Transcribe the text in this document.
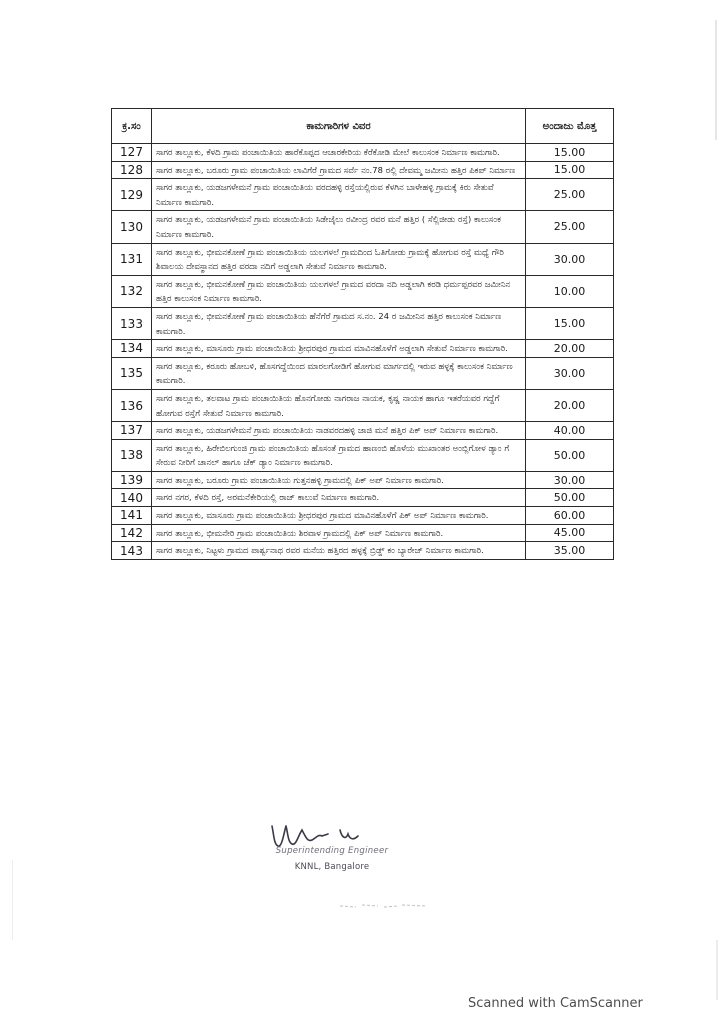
ಕ್ರ.ಸಂ	ಕಾಮಗಾರಿಗಳ ವಿವರ	ಅಂದಾಜು ಮೊತ್ತ
127	ಸಾಗರ ತಾಲ್ಲೂಕು, ಕೆಳದಿ ಗ್ರಾಮ ಪಂಚಾಯಿತಿಯ ಹಾರೆಕೊಪ್ಪದ ಆಚಾರಕೇರಿಯ ಕೆರೆಕೋಡಿ ಮೇಲೆ ಕಾಲುಸಂಕ ನಿರ್ಮಾಣ ಕಾಮಗಾರಿ.	15.00
128	ಸಾಗರ ತಾಲ್ಲೂಕು, ಬರೂರು ಗ್ರಾಮ ಪಂಚಾಯಿತಿಯ ಲಾವಿಗೆರೆ ಗ್ರಾಮದ ಸರ್ವೆ ನಂ.78 ರಲ್ಲಿ ದೇವಮ್ಮ ಜಮೀನು ಹತ್ತಿರ ಪಿಕಪ್ ನಿರ್ಮಾಣ	15.00
129	ಸಾಗರ ತಾಲ್ಲೂಕು, ಯಡಜಗಳೇಮನೆ ಗ್ರಾಮ ಪಂಚಾಯಿತಿಯ ವರದಹಳ್ಳಿ ರಸ್ತೆಯಲ್ಲಿರುವ ಕೆಳಗಿನ ಬಾಳೇಹಳ್ಳಿ ಗ್ರಾಮಕ್ಕೆ ಕಿರು ಸೇತುವೆ ನಿರ್ಮಾಣ ಕಾಮಗಾರಿ.	25.00
130	ಸಾಗರ ತಾಲ್ಲೂಕು, ಯಡಜಗಳೇಮನೆ ಗ್ರಾಮ ಪಂಚಾಯಿತಿಯ ಸಿಡೇಜೈಲು ರವೀಂದ್ರ ರವರ ಮನೆ ಹತ್ತಿರ ( ಸೆಲ್ಲಿಜೀಡು ರಸ್ತೆ) ಕಾಲುಸಂಕ ನಿರ್ಮಾಣ ಕಾಮಗಾರಿ.	25.00
131	ಸಾಗರ ತಾಲ್ಲೂಕು, ಭೀಮನಕೋಣೆ ಗ್ರಾಮ ಪಂಚಾಯಿತಿಯ ಯಲಗಳಲೆ ಗ್ರಾಮದಿಂದ ಓತಿಗೋಡು ಗ್ರಾಮಕ್ಕೆ ಹೋಗುವ ರಸ್ತೆ ಮಧ್ಯೆ ಗೌರಿ ಶಿವಾಲಯ ದೇವಸ್ಥಾನದ ಹತ್ತಿರ ವರದಾ ನದಿಗೆ ಅಡ್ಡಲಾಗಿ ಸೇತುವೆ ನಿರ್ಮಾಣ ಕಾಮಗಾರಿ.	30.00
132	ಸಾಗರ ತಾಲ್ಲೂಕು, ಭೀಮನಕೋಣೆ ಗ್ರಾಮ ಪಂಚಾಯಿತಿಯ ಯಲಗಳಲೆ ಗ್ರಾಮದ ವರದಾ ನದಿ ಅಡ್ಡಲಾಗಿ ಕರಡಿ ಧರ್ಮಪ್ಪರವರ ಜಮೀನಿನ ಹತ್ತಿರ ಕಾಲುಸಂಕ ನಿರ್ಮಾಣ ಕಾಮಗಾರಿ.	10.00
133	ಸಾಗರ ತಾಲ್ಲೂಕು, ಭೀಮನಕೋಣೆ ಗ್ರಾಮ ಪಂಚಾಯಿತಿಯ ಹೆನೆಗೆರೆ ಗ್ರಾಮದ ಸ.ನಂ. 24 ರ ಜಮೀನಿನ ಹತ್ತಿರ ಕಾಲುಸಂಕ ನಿರ್ಮಾಣ ಕಾಮಗಾರಿ.	15.00
134	ಸಾಗರ ತಾಲ್ಲೂಕು, ಮಾಸೂರು ಗ್ರಾಮ ಪಂಚಾಯಿತಿಯ ಶ್ರೀಧರಪುರ ಗ್ರಾಮದ ಮಾವಿನಹೊಳೆಗೆ ಅಡ್ಡಲಾಗಿ ಸೇತುವೆ ನಿರ್ಮಾಣ ಕಾಮಗಾರಿ.	20.00
135	ಸಾಗರ ತಾಲ್ಲೂಕು, ಕರೂರು ಹೋಬಳಿ, ಹೊಸಗದ್ದೆಯಿಂದ ಮಾರಲಗೋಡಿಗೆ ಹೋಗುವ ಮಾರ್ಗದಲ್ಲಿ ಇರುವ ಹಳ್ಳಕ್ಕೆ ಕಾಲುಸಂಕ ನಿರ್ಮಾಣ ಕಾಮಗಾರಿ.	30.00
136	ಸಾಗರ ತಾಲ್ಲೂಕು, ತಲವಾಟ ಗ್ರಾಮ ಪಂಚಾಯಿತಿಯ ಹೊನಗೋಡು ನಾಗರಾಜ ನಾಯಕ, ಕೃಷ್ಣ ನಾಯಕ ಹಾಗೂ ಇತರೆಯವರ ಗದ್ದೆಗೆ ಹೋಗುವ ರಸ್ತೆಗೆ ಸೇತುವೆ ನಿರ್ಮಾಣ ಕಾಮಗಾರಿ.	20.00
137	ಸಾಗರ ತಾಲ್ಲೂಕು, ಯಡಜಗಳೇಮನೆ ಗ್ರಾಮ ಪಂಚಾಯಿತಿಯ ನಾಡವರದಹಳ್ಳಿ ಜಾಜಿ ಮನೆ ಹತ್ತಿರ ಪಿಕ್ ಅಪ್ ನಿರ್ಮಾಣ ಕಾಮಗಾರಿ.	40.00
138	ಸಾಗರ ತಾಲ್ಲೂಕು, ಹಿರೇಬಿಲಗುಂಜಿ ಗ್ರಾಮ ಪಂಚಾಯಿತಿಯ ಹೊಸಂತೆ ಗ್ರಾಮದ ಹಾಣಂಬಿ ಹೊಳೆಯ ಮುಖಾಂತರ ಅಂಬ್ಲಿಗೋಳ ಡ್ಯಾಂ ಗೆ ಸೇರುವ ನೀರಿಗೆ ಚಾನಲ್ ಹಾಗೂ ಚೆಕ್ ಡ್ಯಾಂ ನಿರ್ಮಾಣ ಕಾಮಗಾರಿ.	50.00
139	ಸಾಗರ ತಾಲ್ಲೂಕು, ಬರೂರು ಗ್ರಾಮ ಪಂಚಾಯಿತಿಯ ಗುತ್ತನಹಳ್ಳಿ ಗ್ರಾಮದಲ್ಲಿ ಪಿಕ್ ಅಪ್ ನಿರ್ಮಾಣ ಕಾಮಗಾರಿ.	30.00
140	ಸಾಗರ ನಗರ, ಕೆಳದಿ ರಸ್ತೆ, ಅರಮನೆಕೇರಿಯಲ್ಲಿ ರಾಜ್ ಕಾಲುವೆ ನಿರ್ಮಾಣ ಕಾಮಗಾರಿ.	50.00
141	ಸಾಗರ ತಾಲ್ಲೂಕು, ಮಾಸೂರು ಗ್ರಾಮ ಪಂಚಾಯಿತಿಯ ಶ್ರೀಧರಪುರ ಗ್ರಾಮದ ಮಾವಿನಹೊಳೆಗೆ ಪಿಕ್ ಅಪ್ ನಿರ್ಮಾಣ ಕಾಮಗಾರಿ.	60.00
142	ಸಾಗರ ತಾಲ್ಲೂಕು, ಭೀಮನೇರಿ ಗ್ರಾಮ ಪಂಚಾಯಿತಿಯ ಶಿರವಾಳ ಗ್ರಾಮದಲ್ಲಿ ಪಿಕ್ ಅಪ್ ನಿರ್ಮಾಣ ಕಾಮಗಾರಿ.	45.00
143	ಸಾಗರ ತಾಲ್ಲೂಕು, ನಿಟ್ಟಳು ಗ್ರಾಮದ ಪಾರ್ಶ್ವನಾಥ ರವರ ಮನೆಯ ಹತ್ತಿರದ ಹಳ್ಳಕ್ಕೆ ಬ್ರಿಡ್ಜ್ ಕಂ ಬ್ಯಾರೇಜ್ ನಿರ್ಮಾಣ ಕಾಮಗಾರಿ.	35.00
Superintending Engineer
KNNL, Bangalore
Scanned with CamScanner
